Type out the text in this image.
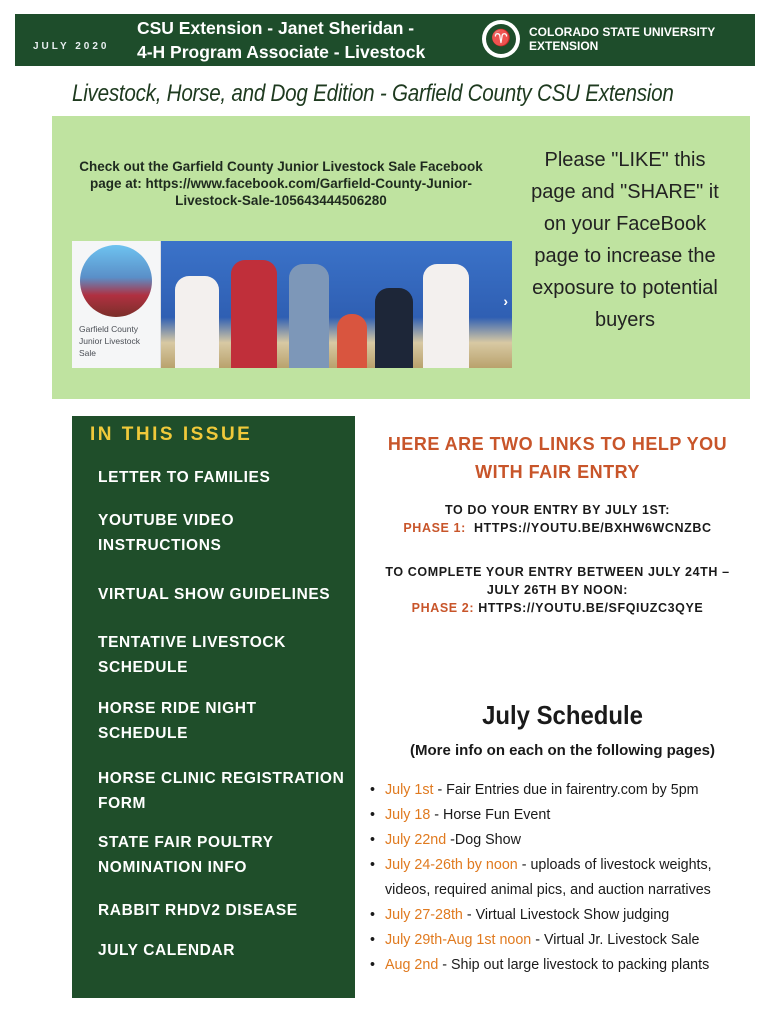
JULY 2020
CSU Extension - Janet Sheridan -
4-H Program Associate - Livestock
♈	COLORADO STATE UNIVERSITY
EXTENSION
Livestock, Horse, and Dog Edition - Garfield County CSU Extension
Check out the Garfield County Junior Livestock Sale Facebook page at: https://www.facebook.com/Garfield-County-Junior-Livestock-Sale-105643444506280
Garfield County Junior Livestock Sale
›
Please "LIKE" this page and "SHARE" it on your FaceBook page to increase the exposure to potential buyers
IN THIS ISSUE
LETTER TO FAMILIES
YOUTUBE VIDEO INSTRUCTIONS
VIRTUAL SHOW GUIDELINES
TENTATIVE LIVESTOCK SCHEDULE
HORSE RIDE NIGHT SCHEDULE
HORSE CLINIC REGISTRATION FORM
STATE FAIR POULTRY NOMINATION INFO
RABBIT RHDV2 DISEASE
JULY CALENDAR
HERE ARE TWO LINKS TO HELP YOU WITH FAIR ENTRY
TO DO YOUR ENTRY BY JULY 1ST:
PHASE 1: HTTPS://YOUTU.BE/BXHW6WCNZBC
TO COMPLETE YOUR ENTRY BETWEEN JULY 24TH – JULY 26TH BY NOON:
PHASE 2: HTTPS://YOUTU.BE/SFQIUZC3QYE
July Schedule
(More info on each on the following pages)
• July 1st - Fair Entries due in fairentry.com by 5pm
• July 18 - Horse Fun Event
• July 22nd -Dog Show
• July 24-26th by noon - uploads of livestock weights, videos, required animal pics, and auction narratives
• July 27-28th - Virtual Livestock Show judging
• July 29th-Aug 1st noon - Virtual Jr. Livestock Sale
• Aug 2nd - Ship out large livestock to packing plants
